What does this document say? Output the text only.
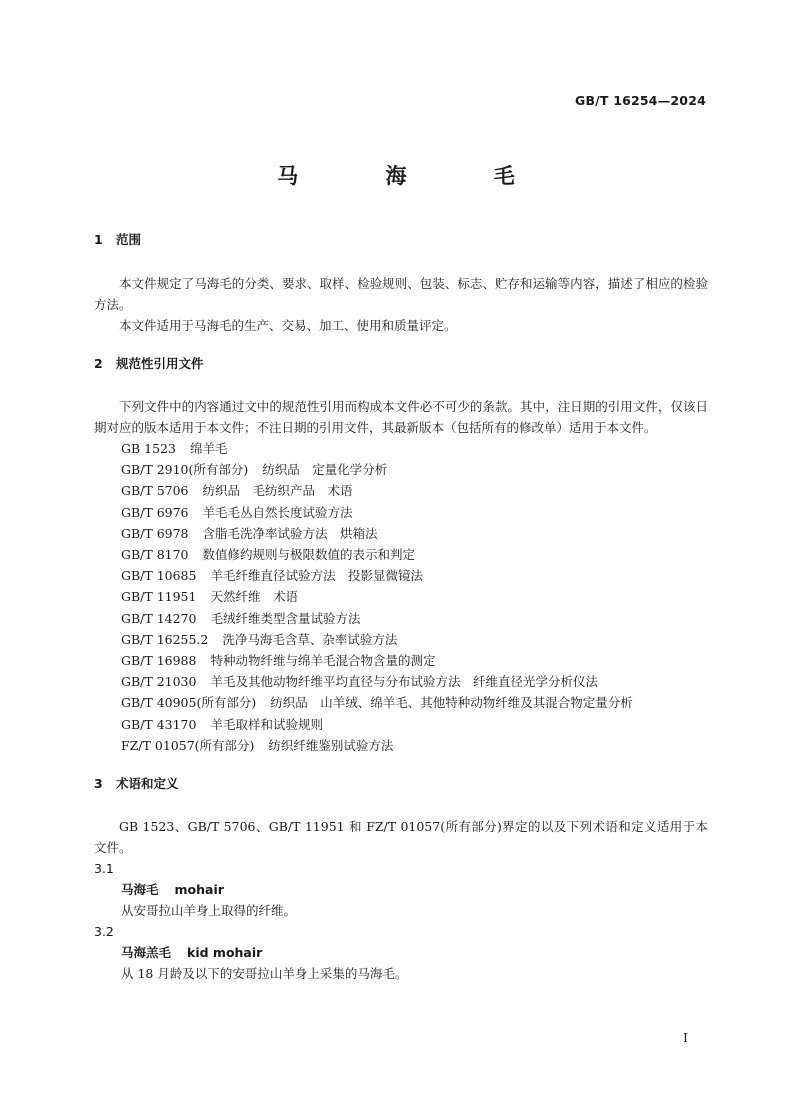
GB/T 16254—2024
马 海 毛

1 范围

本文件规定了马海毛的分类、要求、取样、检验规则、包装、标志、贮存和运输等内容，描述了相应的检验方法。

本文件适用于马海毛的生产、交易、加工、使用和质量评定。

2 规范性引用文件

下列文件中的内容通过文中的规范性引用而构成本文件必不可少的条款。其中，注日期的引用文件，仅该日期对应的版本适用于本文件；不注日期的引用文件，其最新版本（包括所有的修改单）适用于本文件。

GB 1523 绵羊毛

GB/T 2910(所有部分) 纺织品　定量化学分析

GB/T 5706 纺织品　毛纺织产品　术语

GB/T 6976 羊毛毛丛自然长度试验方法

GB/T 6978 含脂毛洗净率试验方法　烘箱法

GB/T 8170 数值修约规则与极限数值的表示和判定

GB/T 10685 羊毛纤维直径试验方法　投影显微镜法

GB/T 11951 天然纤维　术语

GB/T 14270 毛绒纤维类型含量试验方法

GB/T 16255.2 洗净马海毛含草、杂率试验方法

GB/T 16988 特种动物纤维与绵羊毛混合物含量的测定

GB/T 21030 羊毛及其他动物纤维平均直径与分布试验方法　纤维直径光学分析仪法

GB/T 40905(所有部分) 纺织品　山羊绒、绵羊毛、其他特种动物纤维及其混合物定量分析

GB/T 43170 羊毛取样和试验规则

FZ/T 01057(所有部分) 纺织纤维鉴别试验方法

3 术语和定义

GB 1523、GB/T 5706、GB/T 11951 和 FZ/T 01057(所有部分)界定的以及下列术语和定义适用于本文件。

3.1

马海毛 mohair

从安哥拉山羊身上取得的纤维。

3.2

马海羔毛 kid mohair

从 18 月龄及以下的安哥拉山羊身上采集的马海毛。

I
